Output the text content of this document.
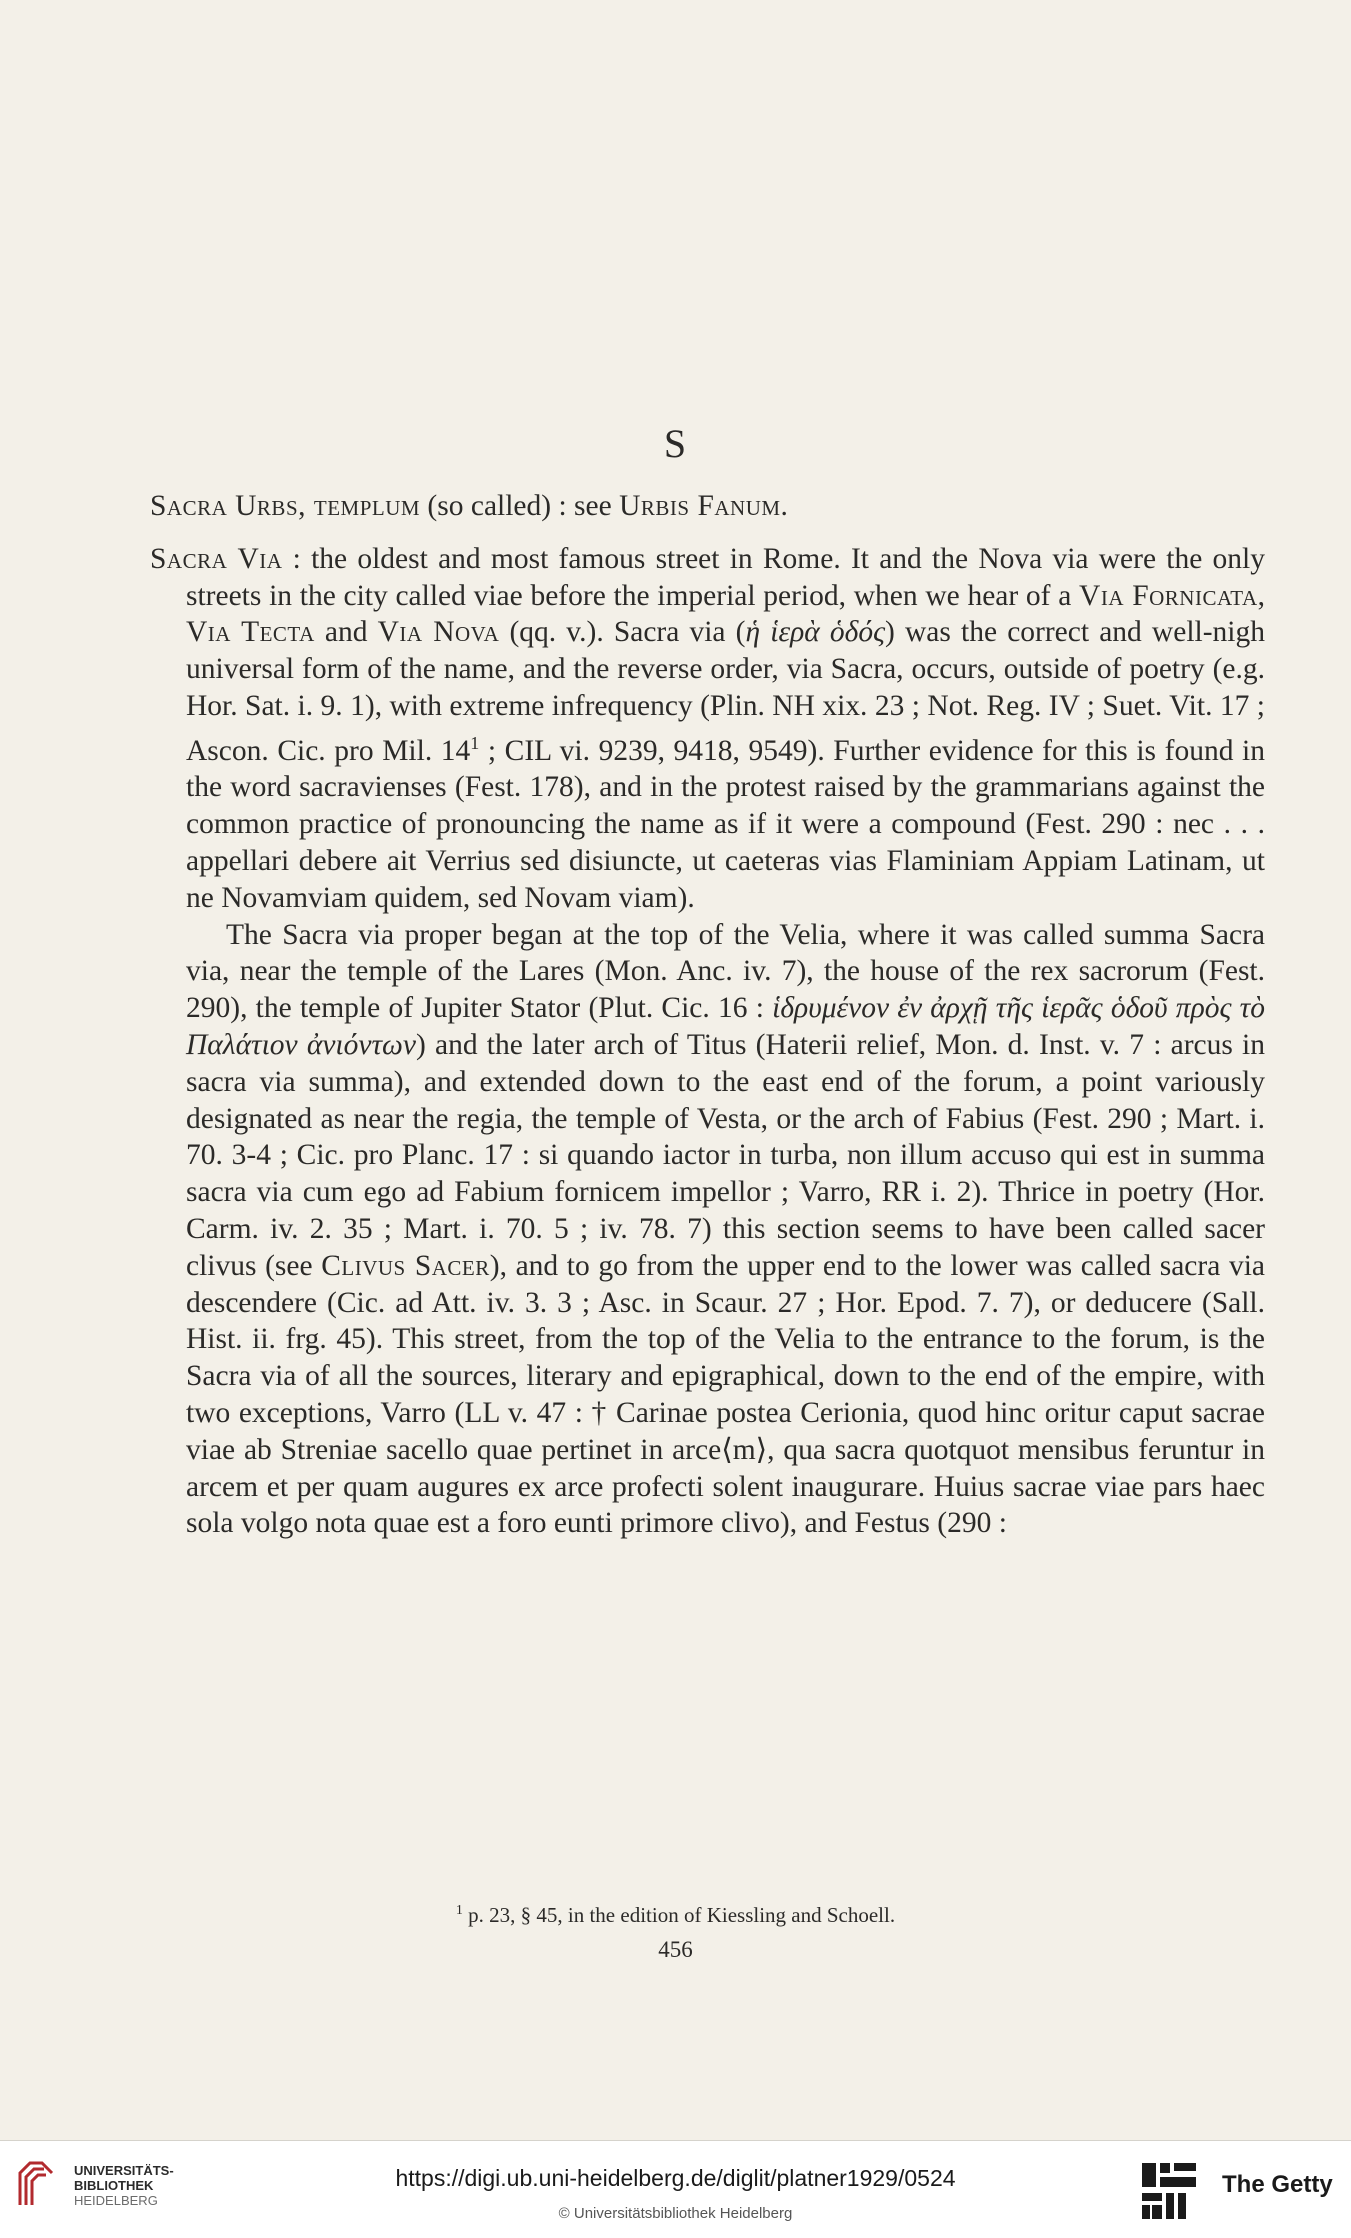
S

Sacra Urbs, templum (so called) : see Urbis Fanum.

Sacra Via : the oldest and most famous street in Rome. It and the Nova via were the only streets in the city called viae before the imperial period, when we hear of a Via Fornicata, Via Tecta and Via Nova (qq. v.). Sacra via (ἡ ἱερὰ ὁδός) was the correct and well-nigh universal form of the name, and the reverse order, via Sacra, occurs, outside of poetry (e.g. Hor. Sat. i. 9. 1), with extreme infrequency (Plin. NH xix. 23 ; Not. Reg. IV ; Suet. Vit. 17 ; Ascon. Cic. pro Mil. $14^1$ ; CIL vi. 9239, 9418, 9549). Further evidence for this is found in the word sacravienses (Fest. 178), and in the protest raised by the grammarians against the common practice of pronouncing the name as if it were a compound (Fest. 290 : nec . . . appellari debere ait Verrius sed disiuncte, ut caeteras vias Flaminiam Appiam Latinam, ut ne Novamviam quidem, sed Novam viam).

The Sacra via proper began at the top of the Velia, where it was called summa Sacra via, near the temple of the Lares (Mon. Anc. iv. 7), the house of the rex sacrorum (Fest. 290), the temple of Jupiter Stator (Plut. Cic. 16 : ἱδρυμένον ἐν ἀρχῇ τῆς ἱερᾶς ὁδοῦ πρὸς τὸ Παλάτιον ἀνιόντων) and the later arch of Titus (Haterii relief, Mon. d. Inst. v. 7 : arcus in sacra via summa), and extended down to the east end of the forum, a point variously designated as near the regia, the temple of Vesta, or the arch of Fabius (Fest. 290 ; Mart. i. 70. 3-4 ; Cic. pro Planc. 17 : si quando iactor in turba, non illum accuso qui est in summa sacra via cum ego ad Fabium fornicem impellor ; Varro, RR i. 2). Thrice in poetry (Hor. Carm. iv. 2. 35 ; Mart. i. 70. 5 ; iv. 78. 7) this section seems to have been called sacer clivus (see Clivus Sacer), and to go from the upper end to the lower was called sacra via descendere (Cic. ad Att. iv. 3. 3 ; Asc. in Scaur. 27 ; Hor. Epod. 7. 7), or deducere (Sall. Hist. ii. frg. 45). This street, from the top of the Velia to the entrance to the forum, is the Sacra via of all the sources, literary and epigraphical, down to the end of the empire, with two exceptions, Varro (LL v. 47 : † Carinae postea Cerionia, quod hinc oritur caput sacrae viae ab Streniae sacello quae pertinet in arce⟨m⟩, qua sacra quotquot mensibus feruntur in arcem et per quam augures ex arce profecti solent inaugurare. Huius sacrae viae pars haec sola volgo nota quae est a foro eunti primore clivo), and Festus (290 :

$^1$ p. 23, § 45, in the edition of Kiessling and Schoell.
456
UNIVERSITÄTS-
BIBLIOTHEK
HEIDELBERG
https://digi.ub.uni-heidelberg.de/diglit/platner1929/0524
© Universitätsbibliothek Heidelberg
The Getty
